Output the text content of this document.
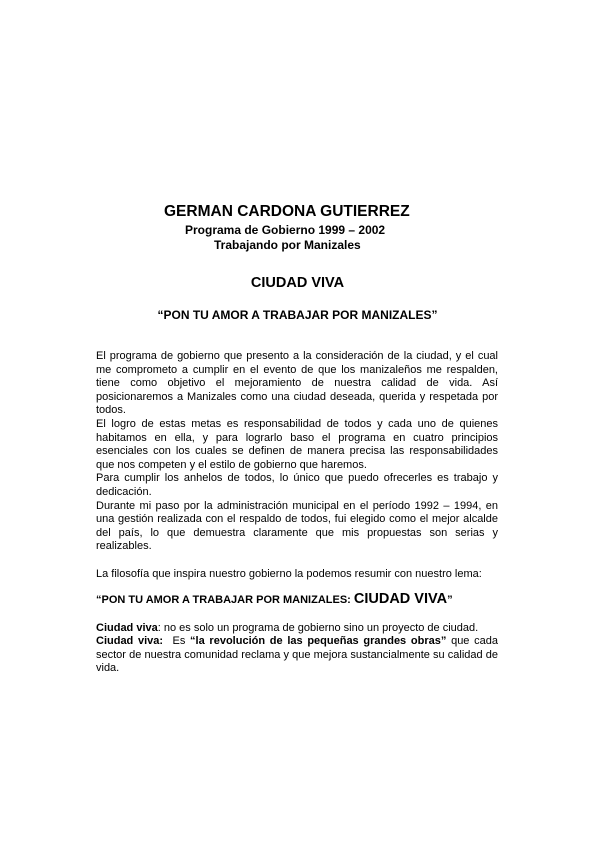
GERMAN CARDONA GUTIERREZ
Programa de Gobierno 1999 – 2002
Trabajando por Manizales
CIUDAD VIVA
“PON TU AMOR A TRABAJAR POR MANIZALES”

El programa de gobierno que presento a la consideración de la ciudad, y el cual me comprometo a cumplir en el evento de que los manizaleños me respalden, tiene como objetivo el mejoramiento de nuestra calidad de vida. Así posicionaremos a Manizales como una ciudad deseada, querida y respetada por todos.

El logro de estas metas es responsabilidad de todos y cada uno de quienes habitamos en ella, y para lograrlo baso el programa en cuatro principios esenciales con los cuales se definen de manera precisa las responsabilidades que nos competen y el estilo de gobierno que haremos.

Para cumplir los anhelos de todos, lo único que puedo ofrecerles es trabajo y dedicación.

Durante mi paso por la administración municipal en el período 1992 – 1994, en una gestión realizada con el respaldo de todos, fui elegido como el mejor alcalde del país, lo que demuestra claramente que mis propuestas son serias y realizables.

La filosofía que inspira nuestro gobierno la podemos resumir con nuestro lema:

“PON TU AMOR A TRABAJAR POR MANIZALES: CIUDAD VIVA”

Ciudad viva: no es solo un programa de gobierno sino un proyecto de ciudad.

Ciudad viva:  Es “la revolución de las pequeñas grandes obras” que cada sector de nuestra comunidad reclama y que mejora sustancialmente su calidad de vida.
